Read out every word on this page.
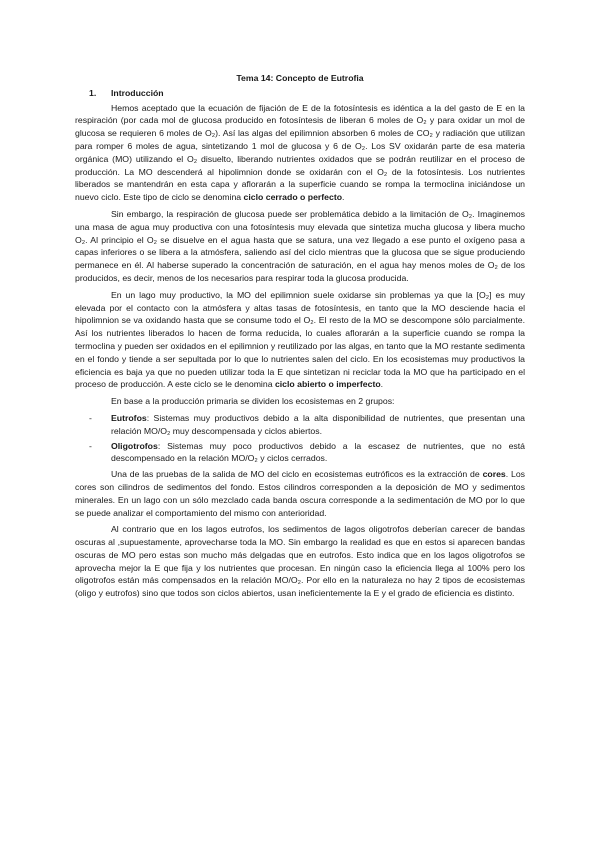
Tema 14: Concepto de Eutrofia
1. Introducción

Hemos aceptado que la ecuación de fijación de E de la fotosíntesis es idéntica a la del gasto de E en la respiración (por cada mol de glucosa producido en fotosíntesis de liberan 6 moles de O₂ y para oxidar un mol de glucosa se requieren 6 moles de O₂). Así las algas del epilimnion absorben 6 moles de CO₂ y radiación que utilizan para romper 6 moles de agua, sintetizando 1 mol de glucosa y 6 de O₂. Los SV oxidarán parte de esa materia orgánica (MO) utilizando el O₂ disuelto, liberando nutrientes oxidados que se podrán reutilizar en el proceso de producción. La MO descenderá al hipolimnion donde se oxidarán con el O₂ de la fotosíntesis. Los nutrientes liberados se mantendrán en esta capa y aflorarán a la superficie cuando se rompa la termoclina iniciándose un nuevo ciclo. Este tipo de ciclo se denomina ciclo cerrado o perfecto.

Sin embargo, la respiración de glucosa puede ser problemática debido a la limitación de O₂. Imaginemos una masa de agua muy productiva con una fotosíntesis muy elevada que sintetiza mucha glucosa y libera mucho O₂. Al principio el O₂ se disuelve en el agua hasta que se satura, una vez llegado a ese punto el oxígeno pasa a capas inferiores o se libera a la atmósfera, saliendo así del ciclo mientras que la glucosa que se sigue produciendo permanece en él. Al haberse superado la concentración de saturación, en el agua hay menos moles de O₂ de los producidos, es decir, menos de los necesarios para respirar toda la glucosa producida.

En un lago muy productivo, la MO del epilimnion suele oxidarse sin problemas ya que la [O₂] es muy elevada por el contacto con la atmósfera y altas tasas de fotosíntesis, en tanto que la MO desciende hacia el hipolimnion se va oxidando hasta que se consume todo el O₂. El resto de la MO se descompone sólo parcialmente. Así los nutrientes liberados lo hacen de forma reducida, lo cuales aflorarán a la superficie cuando se rompa la termoclina y pueden ser oxidados en el epilimnion y reutilizado por las algas, en tanto que la MO restante sedimenta en el fondo y tiende a ser sepultada por lo que lo nutrientes salen del ciclo. En los ecosistemas muy productivos la eficiencia es baja ya que no pueden utilizar toda la E que sintetizan ni reciclar toda la MO que ha participado en el proceso de producción. A este ciclo se le denomina ciclo abierto o imperfecto.

En base a la producción primaria se dividen los ecosistemas en 2 grupos:

- Eutrofos: Sistemas muy productivos debido a la alta disponibilidad de nutrientes, que presentan una relación MO/O₂ muy descompensada y ciclos abiertos.
- Oligotrofos: Sistemas muy poco productivos debido a la escasez de nutrientes, que no está descompensado en la relación MO/O₂ y ciclos cerrados.

Una de las pruebas de la salida de MO del ciclo en ecosistemas eutróficos es la extracción de cores. Los cores son cilindros de sedimentos del fondo. Estos cilindros corresponden a la deposición de MO y sedimentos minerales. En un lago con un sólo mezclado cada banda oscura corresponde a la sedimentación de MO por lo que se puede analizar el comportamiento del mismo con anterioridad.

Al contrario que en los lagos eutrofos, los sedimentos de lagos oligotrofos deberían carecer de bandas oscuras al ,supuestamente, aprovecharse toda la MO. Sin embargo la realidad es que en estos si aparecen bandas oscuras de MO pero estas son mucho más delgadas que en eutrofos. Esto indica que en los lagos oligotrofos se aprovecha mejor la E que fija y los nutrientes que procesan. En ningún caso la eficiencia llega al 100% pero los oligotrofos están más compensados en la relación MO/O₂. Por ello en la naturaleza no hay 2 tipos de ecosistemas (oligo y eutrofos) sino que todos son ciclos abiertos, usan ineficientemente la E y el grado de eficiencia es distinto.
